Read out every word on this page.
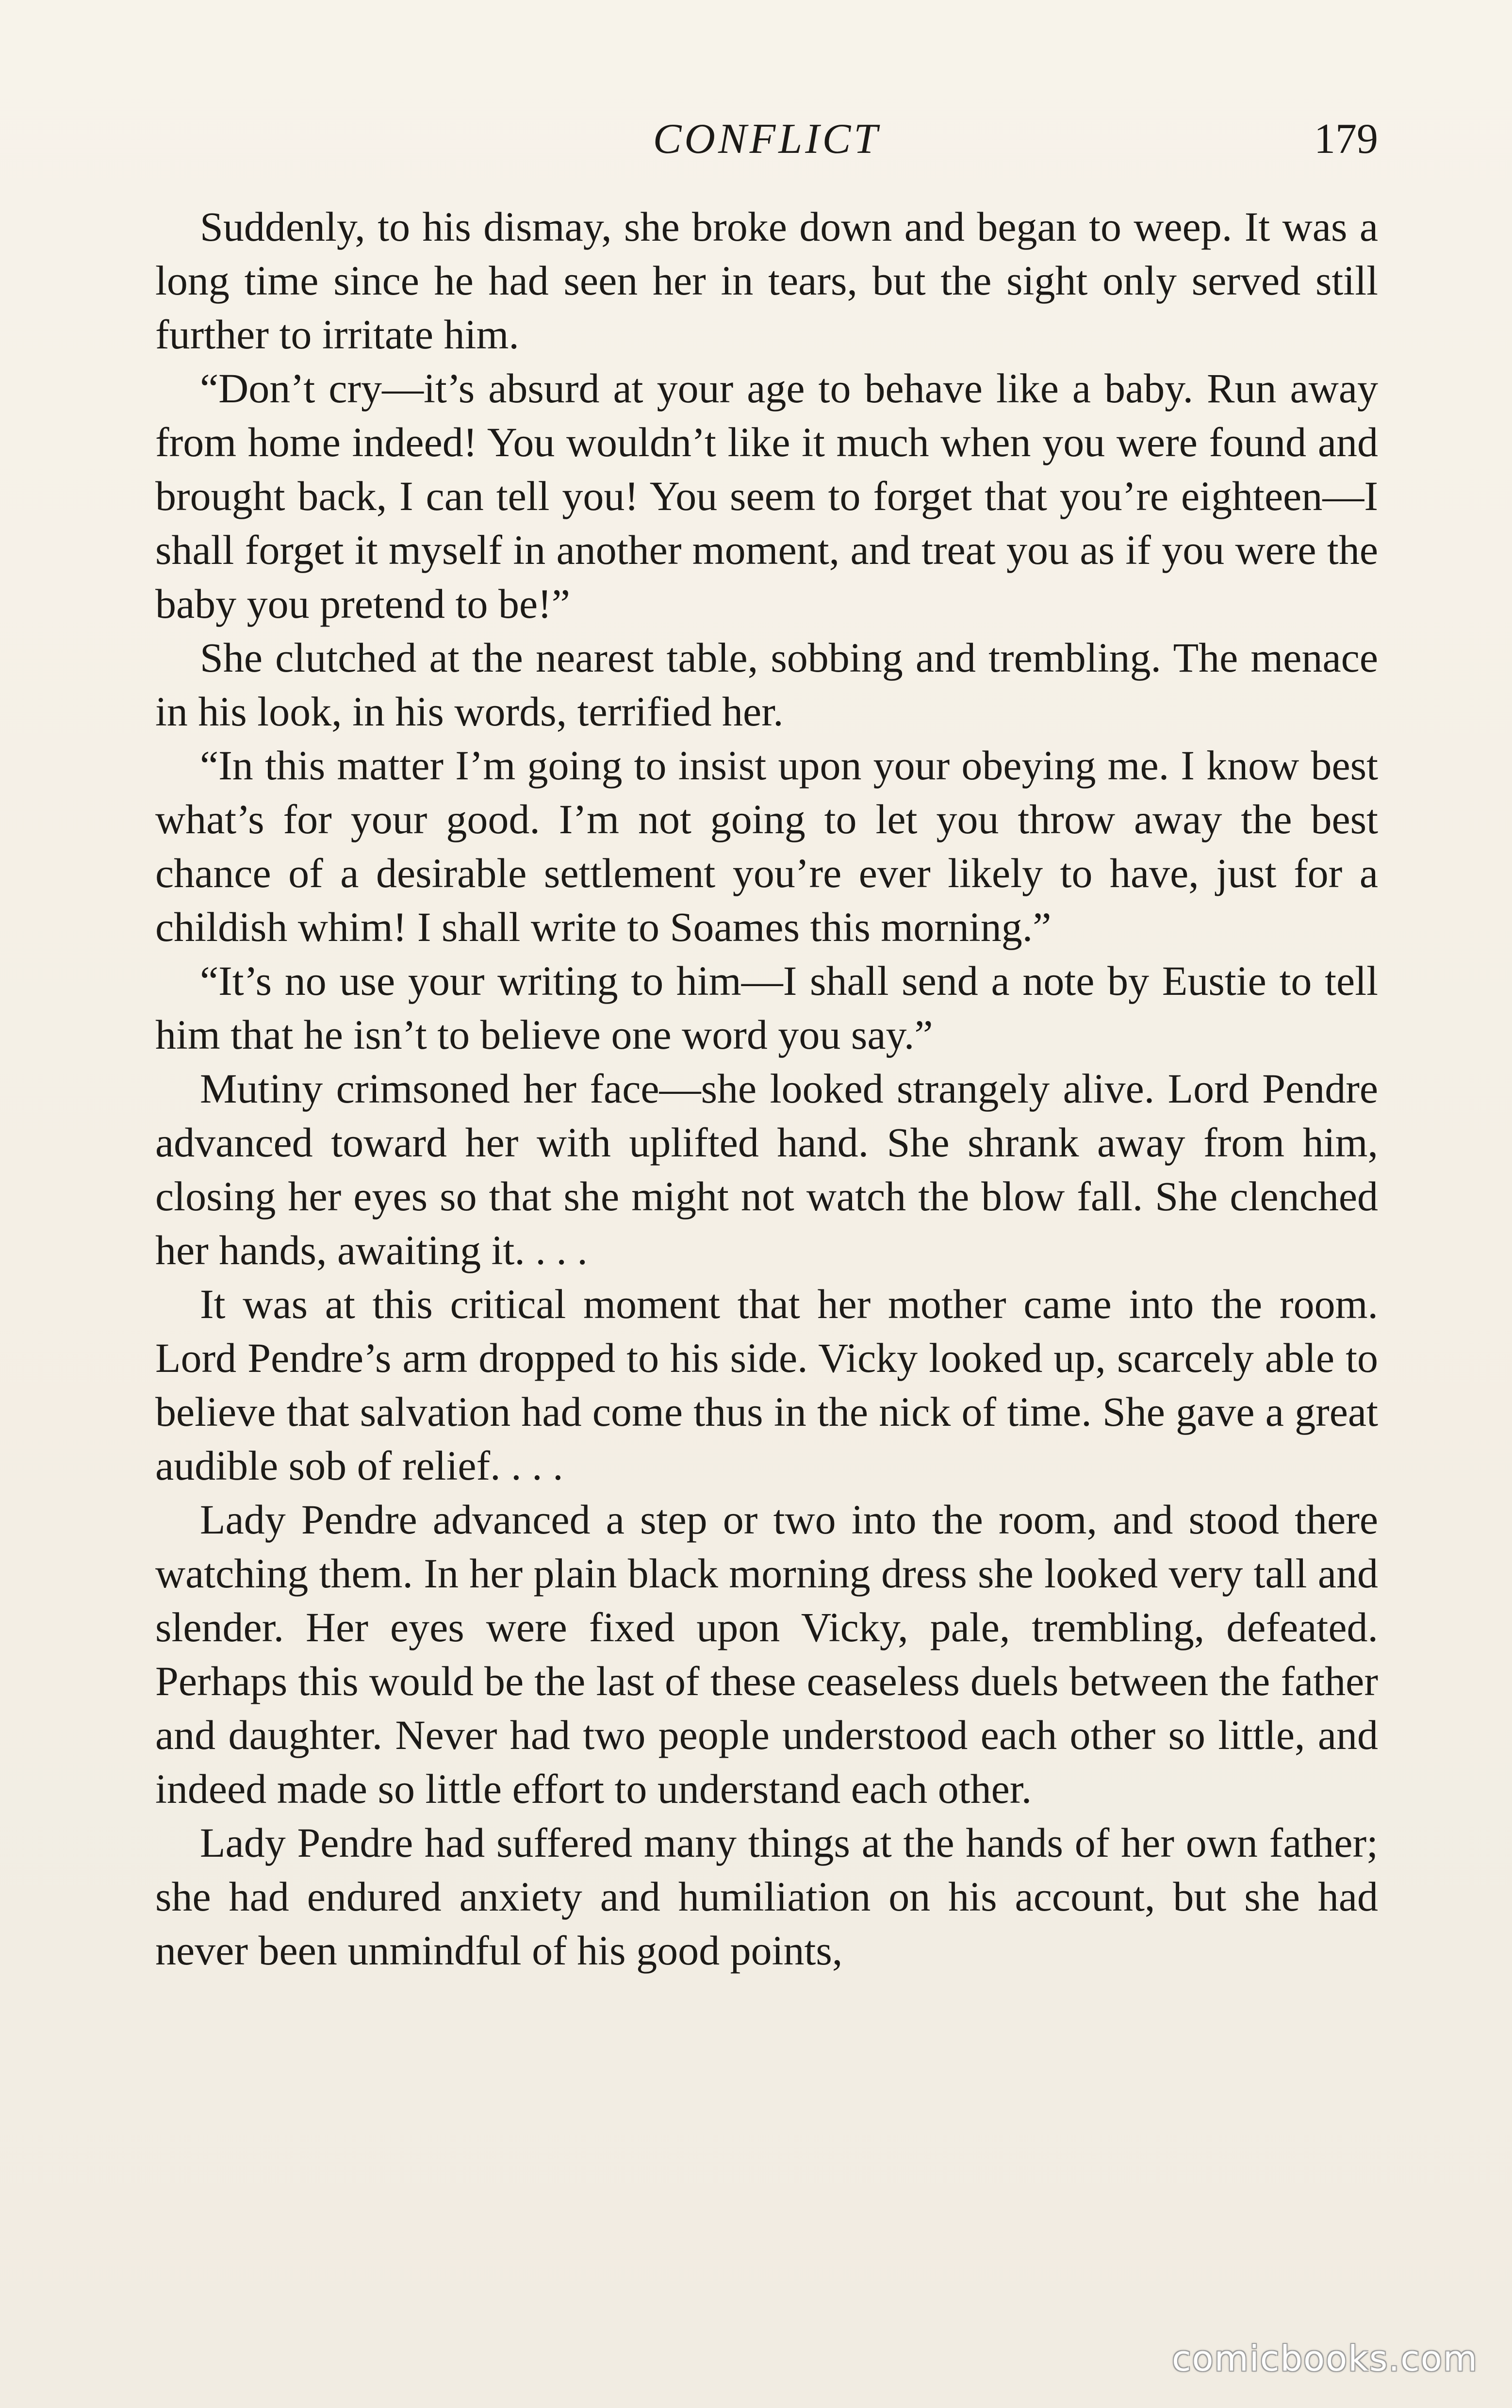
CONFLICT	179

Suddenly, to his dismay, she broke down and began to weep. It was a long time since he had seen her in tears, but the sight only served still further to irritate him.

“Don’t cry—it’s absurd at your age to behave like a baby. Run away from home indeed! You wouldn’t like it much when you were found and brought back, I can tell you! You seem to forget that you’re eighteen—I shall forget it myself in another moment, and treat you as if you were the baby you pretend to be!”

She clutched at the nearest table, sobbing and trembling. The menace in his look, in his words, terrified her.

“In this matter I’m going to insist upon your obeying me. I know best what’s for your good. I’m not going to let you throw away the best chance of a desirable settlement you’re ever likely to have, just for a childish whim! I shall write to Soames this morning.”

“It’s no use your writing to him—I shall send a note by Eustie to tell him that he isn’t to believe one word you say.”

Mutiny crimsoned her face—she looked strangely alive. Lord Pendre advanced toward her with uplifted hand. She shrank away from him, closing her eyes so that she might not watch the blow fall. She clenched her hands, awaiting it. . . .

It was at this critical moment that her mother came into the room. Lord Pendre’s arm dropped to his side. Vicky looked up, scarcely able to believe that salvation had come thus in the nick of time. She gave a great audible sob of relief. . . .

Lady Pendre advanced a step or two into the room, and stood there watching them. In her plain black morning dress she looked very tall and slender. Her eyes were fixed upon Vicky, pale, trembling, defeated. Perhaps this would be the last of these ceaseless duels between the father and daughter. Never had two people understood each other so little, and indeed made so little effort to understand each other.

Lady Pendre had suffered many things at the hands of her own father; she had endured anxiety and humiliation on his account, but she had never been unmindful of his good points,

comicbooks.com
